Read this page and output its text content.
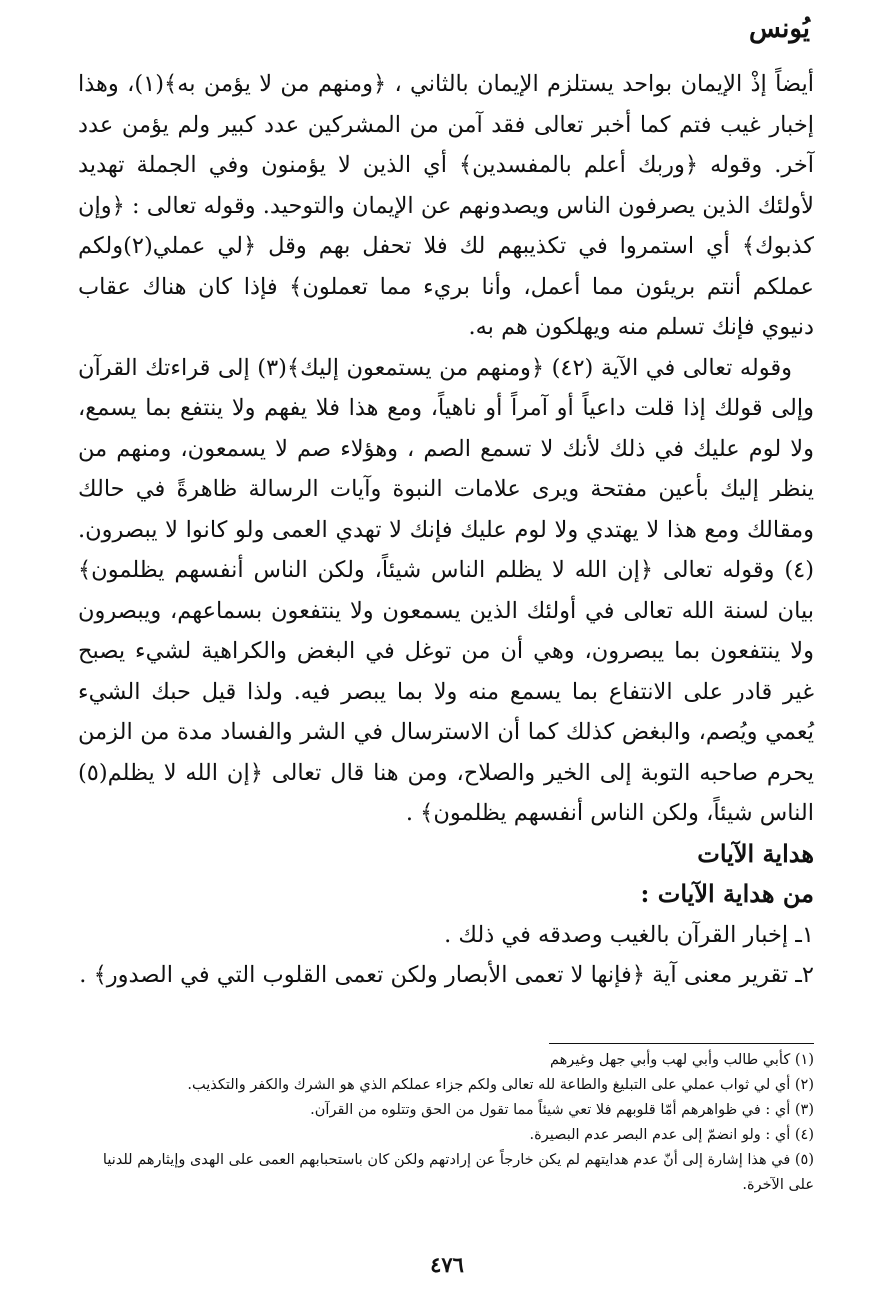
يُونس

أيضاً إذْ الإيمان بواحد يستلزم الإيمان بالثاني ، ﴿ومنهم من لا يؤمن به﴾(١)، وهذا إخبار غيب فتم كما أخبر تعالى فقد آمن من المشركين عدد كبير ولم يؤمن عدد آخر. وقوله ﴿وربك أعلم بالمفسدين﴾ أي الذين لا يؤمنون وفي الجملة تهديد لأولئك الذين يصرفون الناس ويصدونهم عن الإيمان والتوحيد. وقوله تعالى : ﴿وإن كذبوك﴾ أي استمروا في تكذيبهم لك فلا تحفل بهم وقل ﴿لي عملي(٢)ولكم عملكم أنتم بريئون مما أعمل، وأنا بريء مما تعملون﴾ فإذا كان هناك عقاب دنيوي فإنك تسلم منه ويهلكون هم به.

وقوله تعالى في الآية (٤٢) ﴿ومنهم من يستمعون إليك﴾(٣) إلى قراءتك القرآن وإلى قولك إذا قلت داعياً أو آمراً أو ناهياً، ومع هذا فلا يفهم ولا ينتفع بما يسمع، ولا لوم عليك في ذلك لأنك لا تسمع الصم ، وهؤلاء صم لا يسمعون، ومنهم من ينظر إليك بأعين مفتحة ويرى علامات النبوة وآيات الرسالة ظاهرةً في حالك ومقالك ومع هذا لا يهتدي ولا لوم عليك فإنك لا تهدي العمى ولو كانوا لا يبصرون.(٤) وقوله تعالى ﴿إن الله لا يظلم الناس شيئاً، ولكن الناس أنفسهم يظلمون﴾ بيان لسنة الله تعالى في أولئك الذين يسمعون ولا ينتفعون بسماعهم، ويبصرون ولا ينتفعون بما يبصرون، وهي أن من توغل في البغض والكراهية لشيء يصبح غير قادر على الانتفاع بما يسمع منه ولا بما يبصر فيه. ولذا قيل حبك الشيء يُعمي ويُصم، والبغض كذلك كما أن الاسترسال في الشر والفساد مدة من الزمن يحرم صاحبه التوبة إلى الخير والصلاح، ومن هنا قال تعالى ﴿إن الله لا يظلم(٥) الناس شيئاً، ولكن الناس أنفسهم يظلمون﴾ .

هداية الآيات
من هداية الآيات :
١ـ إخبار القرآن بالغيب وصدقه في ذلك .
٢ـ تقرير معنى آية ﴿فإنها لا تعمى الأبصار ولكن تعمى القلوب التي في الصدور﴾ .
(١) كأبي طالب وأبي لهب وأبي جهل وغيرهم
(٢) أي لي ثواب عملي على التبليغ والطاعة لله تعالى ولكم جزاء عملكم الذي هو الشرك والكفر والتكذيب.
(٣) أي : في ظواهرهم أمّا قلوبهم فلا تعي شيئاً مما تقول من الحق وتتلوه من القرآن.
(٤) أي : ولو انضمّ إلى عدم البصر عدم البصيرة.
(٥) في هذا إشارة إلى أنّ عدم هدايتهم لم يكن خارجاً عن إرادتهم ولكن كان باستحبابهم العمى على الهدى وإيثارهم للدنيا على الآخرة.
٤٧٦
